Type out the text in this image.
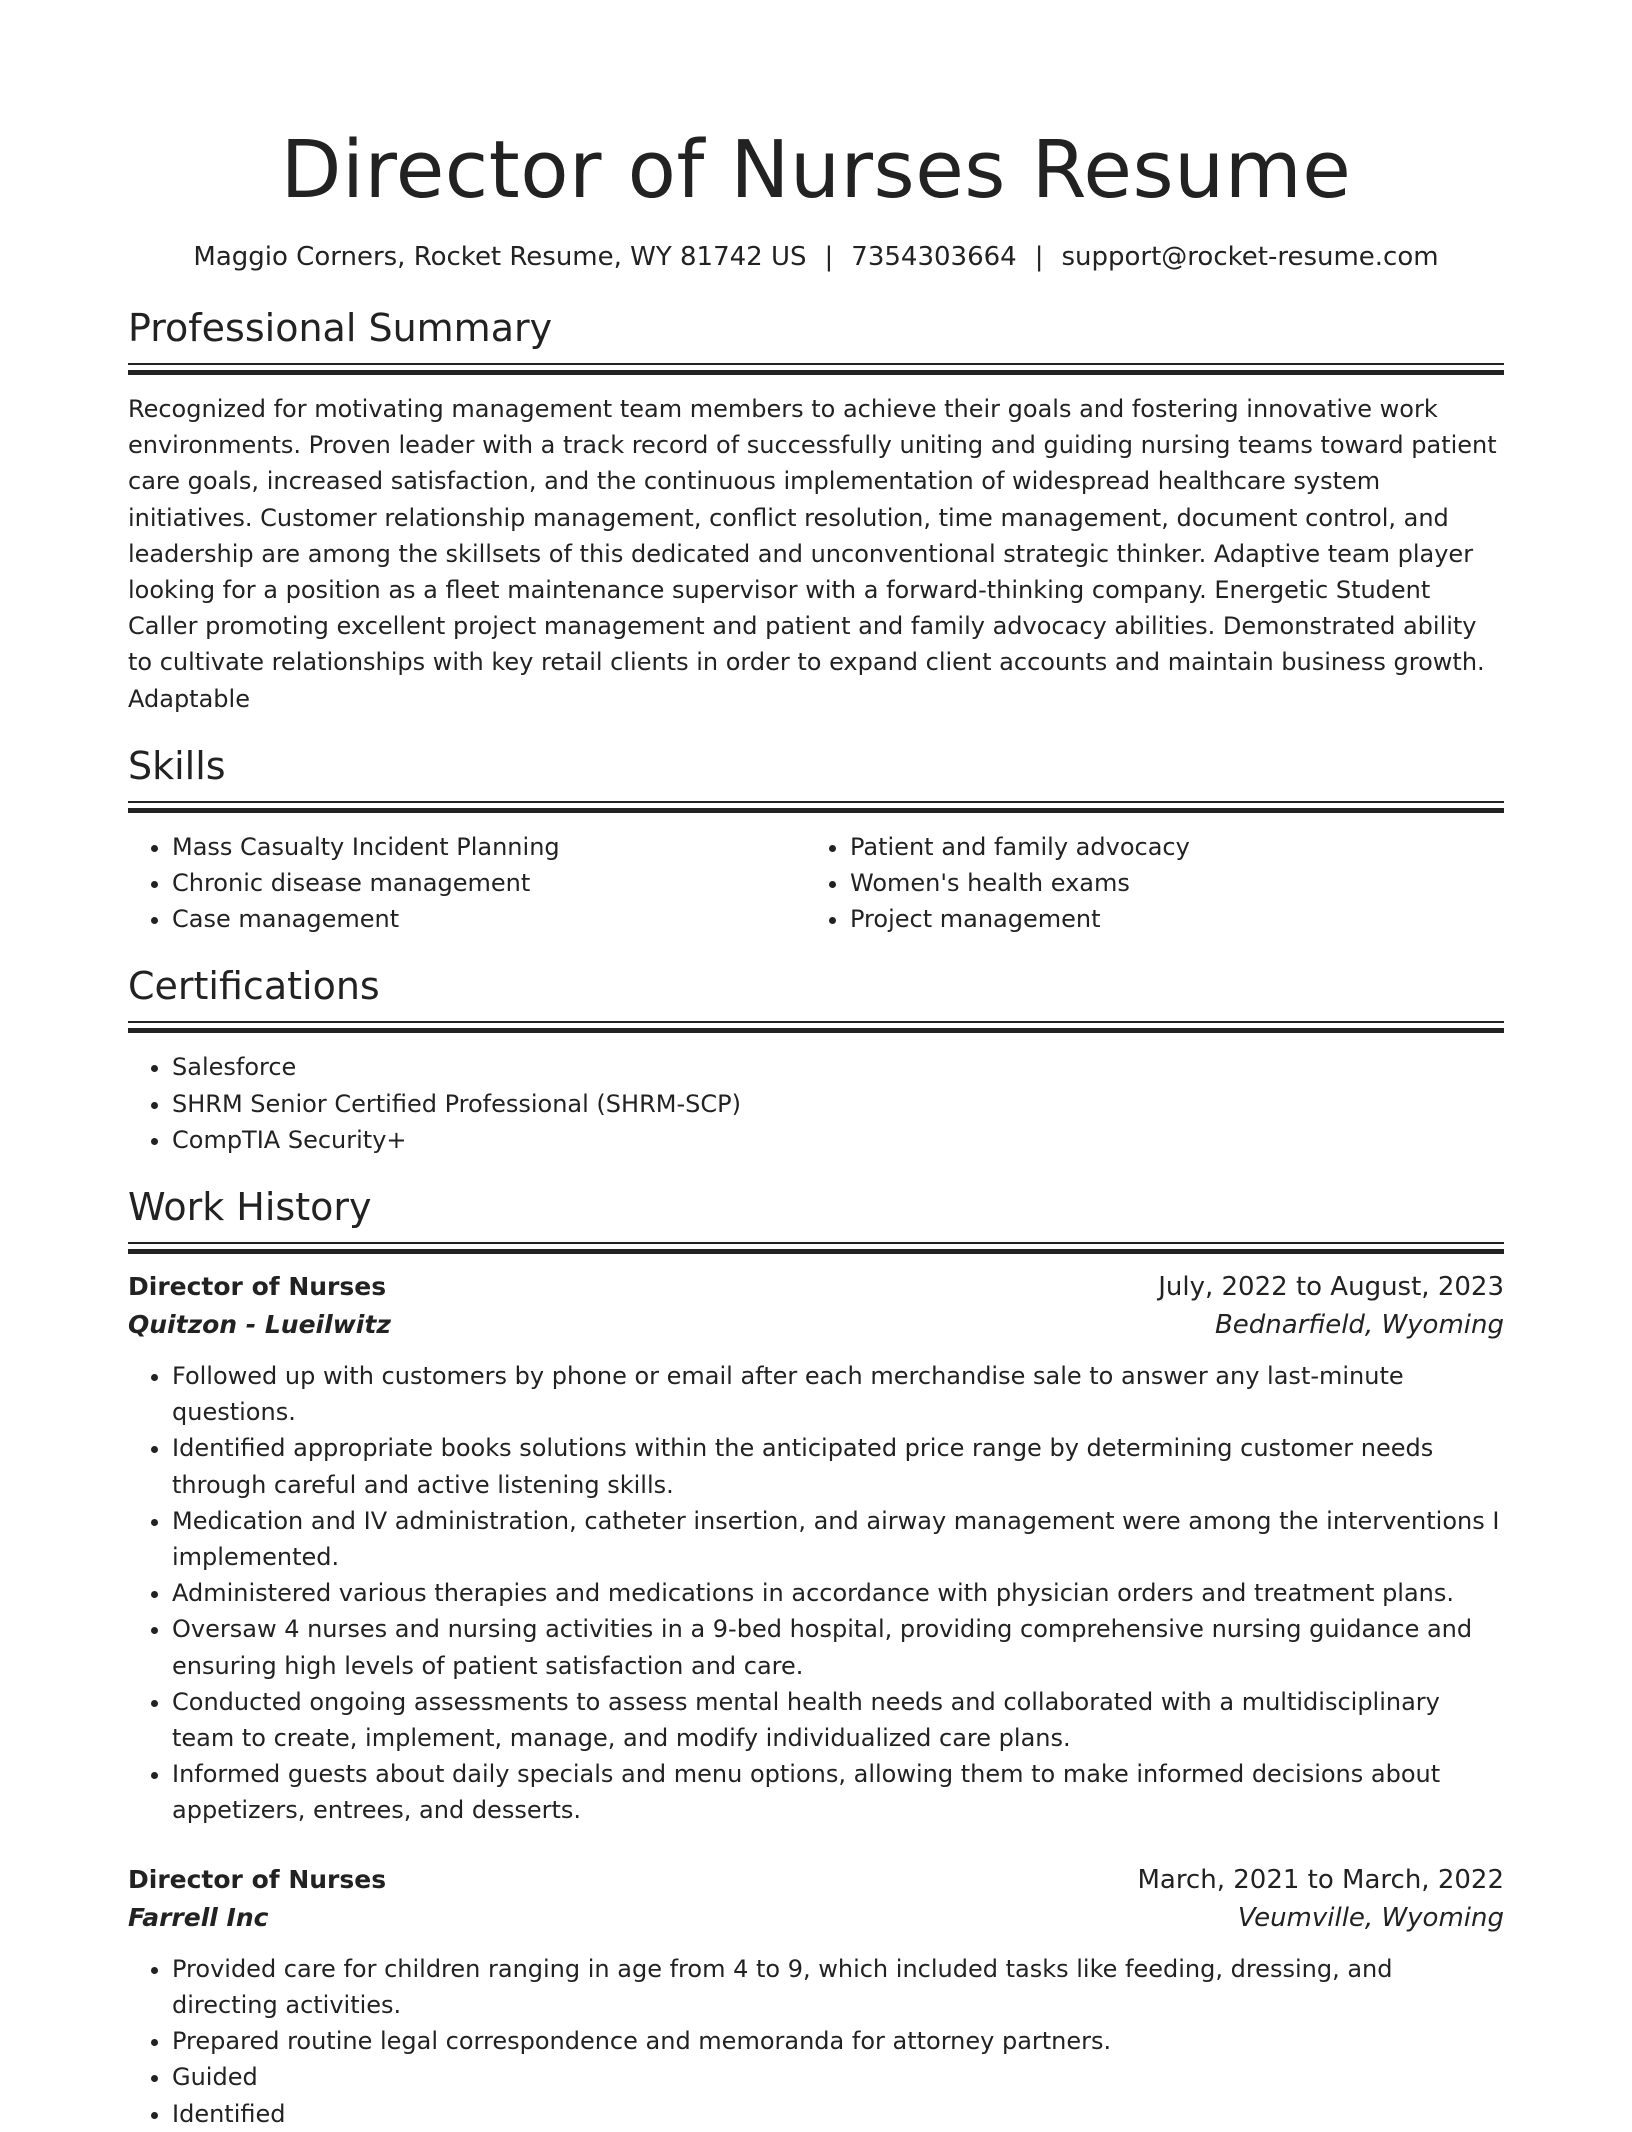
Director of Nurses Resume
Maggio Corners, Rocket Resume, WY 81742 US | 7354303664 | support@rocket-resume.com
Professional Summary
Recognized for motivating management team members to achieve their goals and fostering innovative work environments. Proven leader with a track record of successfully uniting and guiding nursing teams toward patient care goals, increased satisfaction, and the continuous implementation of widespread healthcare system initiatives. Customer relationship management, conflict resolution, time management, document control, and leadership are among the skillsets of this dedicated and unconventional strategic thinker. Adaptive team player looking for a position as a fleet maintenance supervisor with a forward-thinking company. Energetic Student Caller promoting excellent project management and patient and family advocacy abilities. Demonstrated ability to cultivate relationships with key retail clients in order to expand client accounts and maintain business growth. Adaptable
Skills
• Mass Casualty Incident Planning
• Chronic disease management
• Case management
• Patient and family advocacy
• Women's health exams
• Project management
Certifications
• Salesforce
• SHRM Senior Certified Professional (SHRM-SCP)
• CompTIA Security+
Work History
Director of Nurses	July, 2022 to August, 2023
Quitzon - Lueilwitz	Bednarfield, Wyoming
• Followed up with customers by phone or email after each merchandise sale to answer any last-minute questions.
• Identified appropriate books solutions within the anticipated price range by determining customer needs through careful and active listening skills.
• Medication and IV administration, catheter insertion, and airway management were among the interventions I implemented.
• Administered various therapies and medications in accordance with physician orders and treatment plans.
• Oversaw 4 nurses and nursing activities in a 9-bed hospital, providing comprehensive nursing guidance and ensuring high levels of patient satisfaction and care.
• Conducted ongoing assessments to assess mental health needs and collaborated with a multidisciplinary team to create, implement, manage, and modify individualized care plans.
• Informed guests about daily specials and menu options, allowing them to make informed decisions about appetizers, entrees, and desserts.
Director of Nurses	March, 2021 to March, 2022
Farrell Inc	Veumville, Wyoming
• Provided care for children ranging in age from 4 to 9, which included tasks like feeding, dressing, and directing activities.
• Prepared routine legal correspondence and memoranda for attorney partners.
• Guided
• Identified
